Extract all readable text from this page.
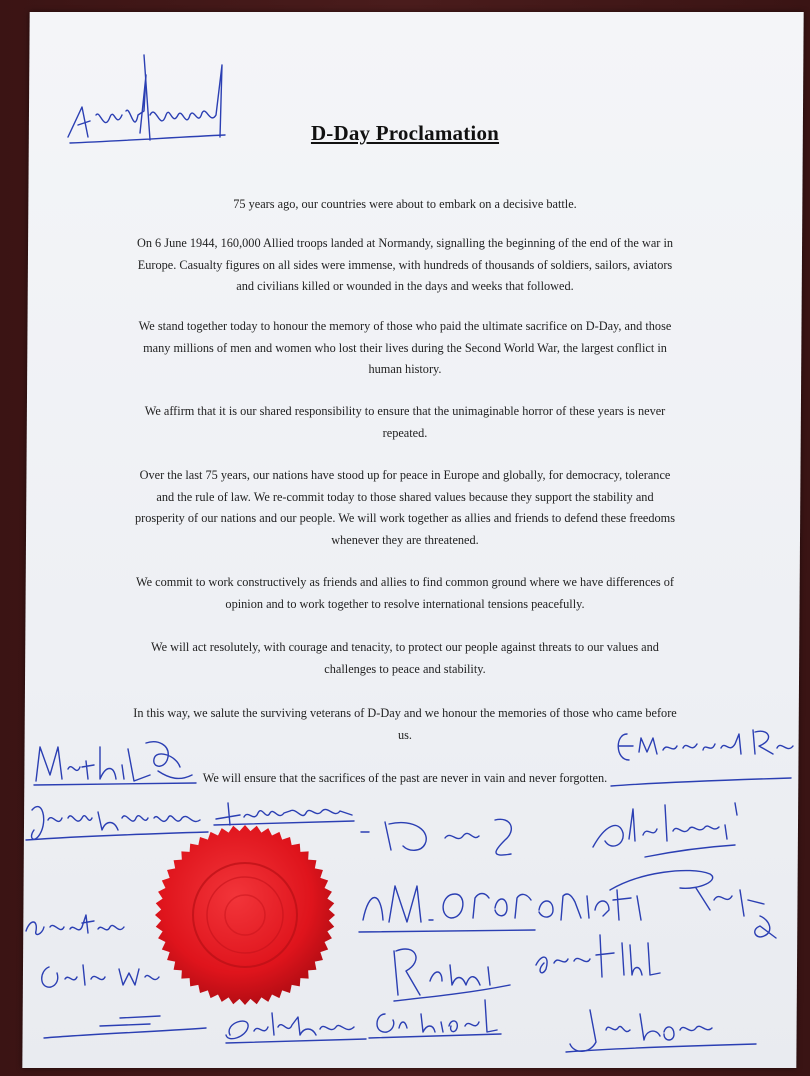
D-Day Proclamation
75 years ago, our countries were about to embark on a decisive battle.
On 6 June 1944, 160,000 Allied troops landed at Normandy, signalling the beginning of the end of the war in Europe. Casualty figures on all sides were immense, with hundreds of thousands of soldiers, sailors, aviators and civilians killed or wounded in the days and weeks that followed.
We stand together today to honour the memory of those who paid the ultimate sacrifice on D-Day, and those many millions of men and women who lost their lives during the Second World War, the largest conflict in human history.
We affirm that it is our shared responsibility to ensure that the unimaginable horror of these years is never repeated.
Over the last 75 years, our nations have stood up for peace in Europe and globally, for democracy, tolerance and the rule of law. We re-commit today to those shared values because they support the stability and prosperity of our nations and our people. We will work together as allies and friends to defend these freedoms whenever they are threatened.
We commit to work constructively as friends and allies to find common ground where we have differences of opinion and to work together to resolve international tensions peacefully.
We will act resolutely, with courage and tenacity, to protect our people against threats to our values and challenges to peace and stability.
In this way, we salute the surviving veterans of D-Day and we honour the memories of those who came before us.
We will ensure that the sacrifices of the past are never in vain and never forgotten.
